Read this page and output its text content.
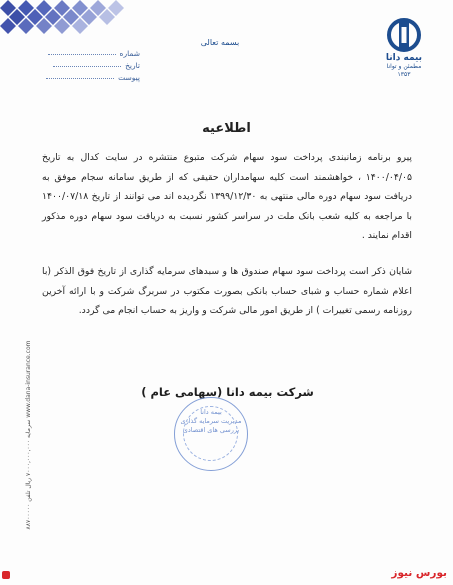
بیمه دانا
مطمئن و توانا
۱۳۵۳
بسمه تعالی
شماره
تاریخ
پیوست
اطلاعیه

پیرو برنامه زمانبندی پرداخت سود سهام شرکت متبوع منتشره در سایت کدال به تاریخ ۱۴۰۰/۰۴/۰۵ ، خواهشمند است کلیه سهامداران حقیقی که از طریق سامانه سجام موفق به دریافت سود سهام دوره مالی منتهی به ۱۳۹۹/۱۲/۳۰ نگردیده اند می توانند از تاریخ ۱۴۰۰/۰۷/۱۸ با مراجعه به کلیه شعب بانک ملت در سراسر کشور نسبت به دریافت سود سهام دوره مذکور اقدام نمایند .

شایان ذکر است پرداخت سود سهام صندوق ها و سبدهای سرمایه گذاری از تاریخ فوق الذکر (با اعلام شماره حساب و شبای حساب بانکی بصورت مکتوب در سربرگ شرکت و با ارائه آخرین روزنامه رسمی تغییرات ) از طریق امور مالی شرکت و واریز به حساب انجام می گردد.

شرکت بیمه دانا (سهامی عام )
بیمه دانا
مدیریت سرمایه گذاری
بررسی های اقتصادی
www.dana-insurance.com سرمایه ۷۰۰۰,۰۰۰,۰۰۰ ریال تلفن ۸۸۷۰۰۰۰۰
بورس نیوز
